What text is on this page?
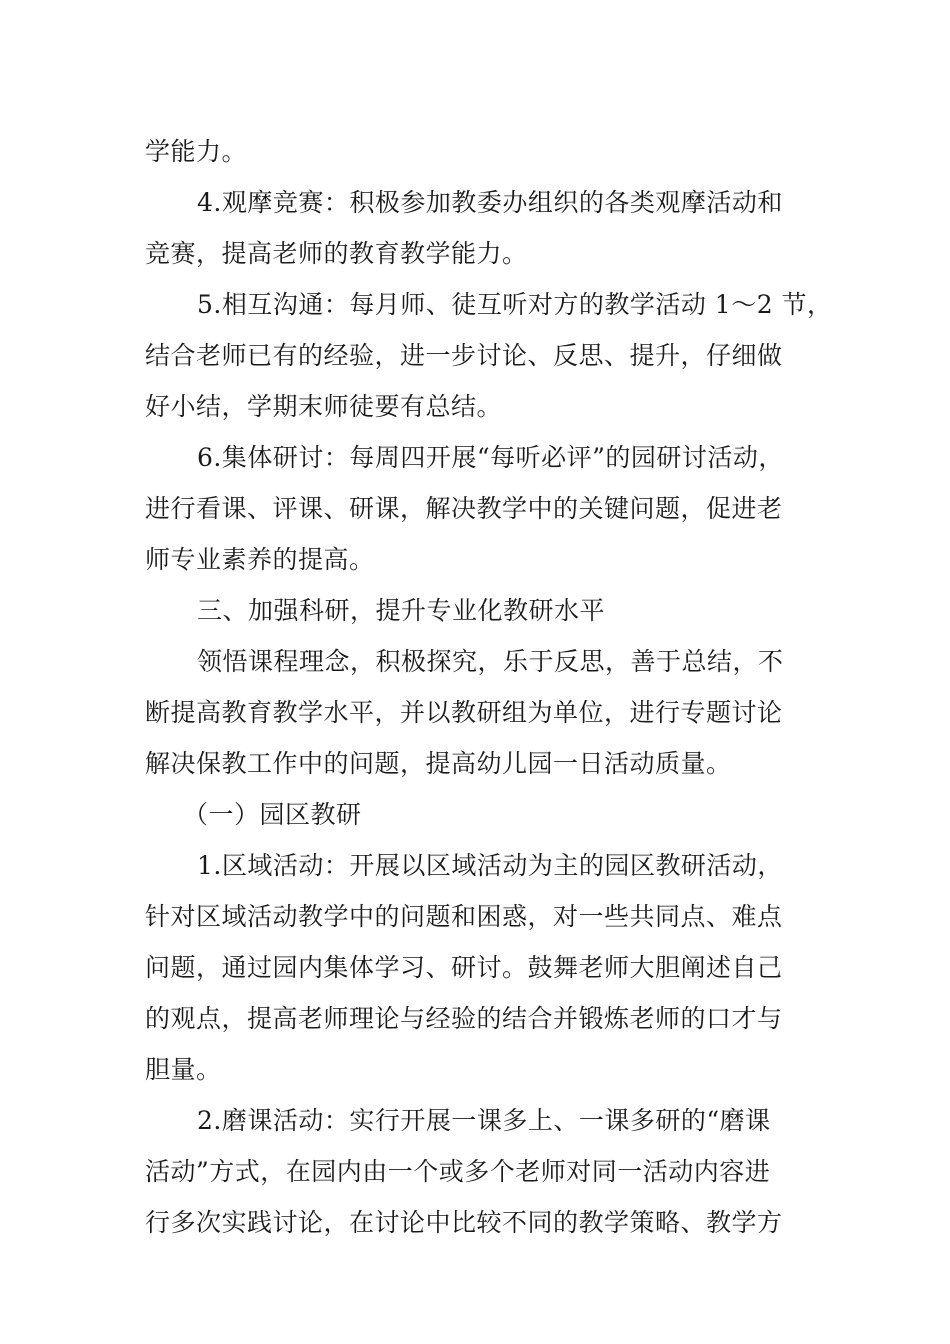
学能力。
4.观摩竞赛：积极参加教委办组织的各类观摩活动和
竞赛，提高老师的教育教学能力。
5.相互沟通：每月师、徒互听对方的教学活动 1～2 节，
结合老师已有的经验，进一步讨论、反思、提升，仔细做
好小结，学期末师徒要有总结。
6.集体研讨：每周四开展“每听必评”的园研讨活动，
进行看课、评课、研课，解决教学中的关键问题，促进老
师专业素养的提高。
三、加强科研，提升专业化教研水平
领悟课程理念，积极探究，乐于反思，善于总结，不
断提高教育教学水平，并以教研组为单位，进行专题讨论
解决保教工作中的问题，提高幼儿园一日活动质量。
（一）园区教研
1.区域活动：开展以区域活动为主的园区教研活动，
针对区域活动教学中的问题和困惑，对一些共同点、难点
问题，通过园内集体学习、研讨。鼓舞老师大胆阐述自己
的观点，提高老师理论与经验的结合并锻炼老师的口才与
胆量。
2.磨课活动：实行开展一课多上、一课多研的“磨课
活动”方式，在园内由一个或多个老师对同一活动内容进
行多次实践讨论，在讨论中比较不同的教学策略、教学方
